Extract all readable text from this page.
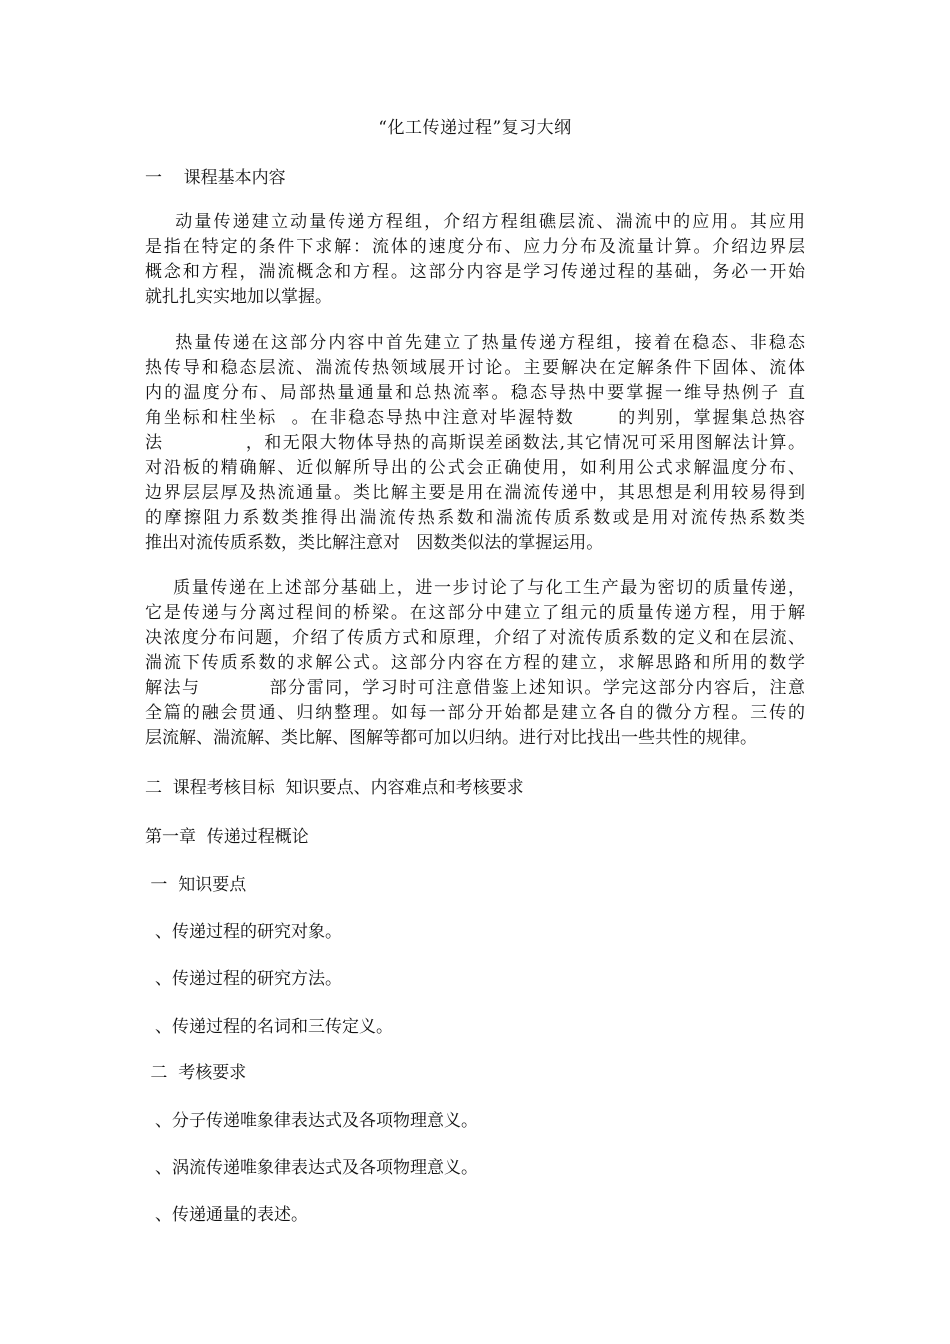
“化工传递过程”复习大纲
一    课程基本内容
动量传递建立动量传递方程组，介绍方程组礁层流、湍流中的应用。其应用
是指在特定的条件下求解：流体的速度分布、应力分布及流量计算。介绍边界层
概念和方程，湍流概念和方程。这部分内容是学习传递过程的基础，务必一开始
就扎扎实实地加以掌握。
热量传递在这部分内容中首先建立了热量传递方程组，接着在稳态、非稳态
热传导和稳态层流、湍流传热领域展开讨论。主要解决在定解条件下固体、流体
内的温度分布、局部热量通量和总热流率。稳态导热中要掌握一维导热例子 直
角坐标和柱坐标  。在非稳态导热中注意对毕渥特数      的判别，掌握集总热容
法            ，和无限大物体导热的高斯误差函数法,其它情况可采用图解法计算。
对沿板的精确解、近似解所导出的公式会正确使用，如利用公式求解温度分布、
边界层层厚及热流通量。类比解主要是用在湍流传递中，其思想是利用较易得到
的摩擦阻力系数类推得出湍流传热系数和湍流传质系数或是用对流传热系数类
推出对流传质系数，类比解注意对   因数类似法的掌握运用。
质量传递在上述部分基础上，进一步讨论了与化工生产最为密切的质量传递，
它是传递与分离过程间的桥梁。在这部分中建立了组元的质量传递方程，用于解
决浓度分布问题，介绍了传质方式和原理，介绍了对流传质系数的定义和在层流、
湍流下传质系数的求解公式。这部分内容在方程的建立，求解思路和所用的数学
解法与          部分雷同，学习时可注意借鉴上述知识。学完这部分内容后，注意
全篇的融会贯通、归纳整理。如每一部分开始都是建立各自的微分方程。三传的
层流解、湍流解、类比解、图解等都可加以归纳。进行对比找出一些共性的规律。
二  课程考核目标  知识要点、内容难点和考核要求
第一章  传递过程概论
一  知识要点
、传递过程的研究对象。
、传递过程的研究方法。
、传递过程的名词和三传定义。
二  考核要求
、分子传递唯象律表达式及各项物理意义。
、涡流传递唯象律表达式及各项物理意义。
、传递通量的表述。
